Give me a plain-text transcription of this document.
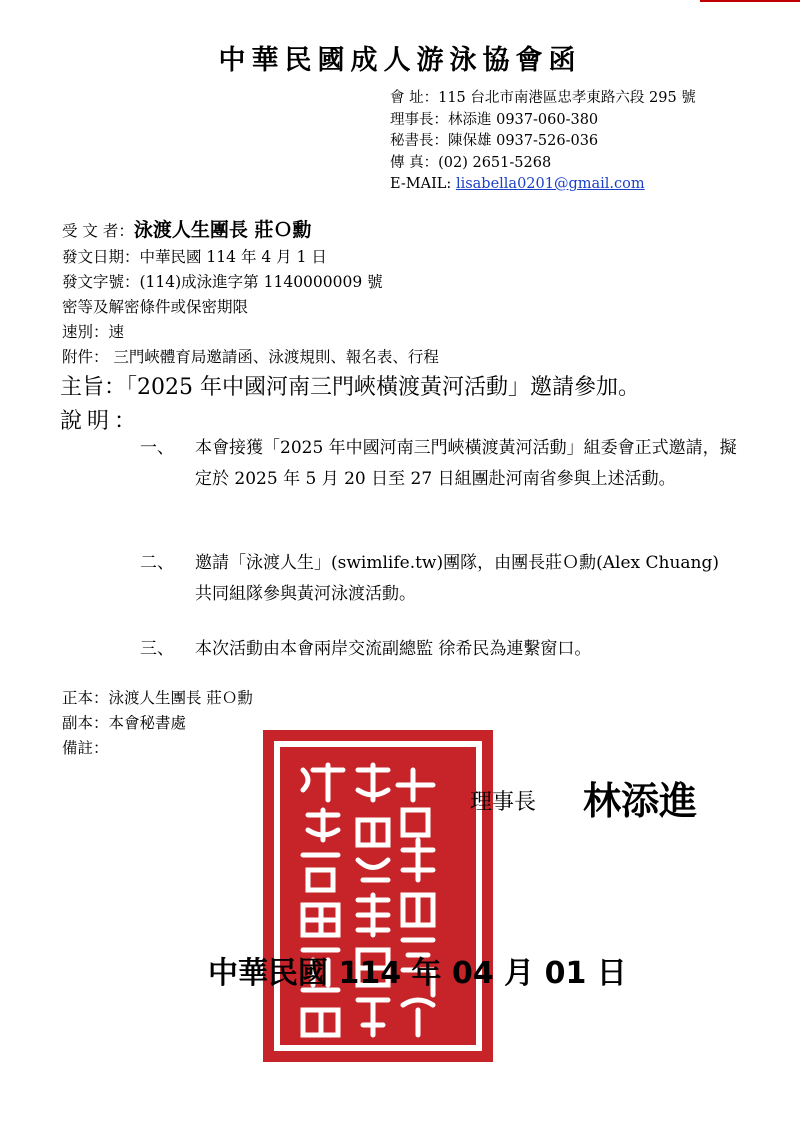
中華民國成人游泳協會函
會 址：115 台北市南港區忠孝東路六段 295 號
理事長：林添進 0937-060-380
秘書長：陳保雄 0937-526-036
傳 真：(02) 2651-5268
E-MAIL: lisabella0201@gmail.com
受 文 者：泳渡人生團長 莊Ｏ勳
發文日期：中華民國 114 年 4 月 1 日
發文字號：(114)成泳進字第 1140000009 號
密等及解密條件或保密期限
速別：速
附件： 三門峽體育局邀請函、泳渡規則、報名表、行程
主旨：「2025 年中國河南三門峽橫渡黃河活動」邀請參加。
說明：
一、 本會接獲「2025 年中國河南三門峽橫渡黃河活動」組委會正式邀請，擬定於 2025 年 5 月 20 日至 27 日組團赴河南省參與上述活動。
二、 邀請「泳渡人生」(swimlife.tw)團隊，由團長莊Ｏ勳(Alex Chuang) 共同組隊參與黃河泳渡活動。
三、 本次活動由本會兩岸交流副總監 徐希民為連繫窗口。
正本：泳渡人生團長 莊Ｏ勳
副本：本會秘書處
備註：
理事長 林添進
中華民國 114 年 04 月 01 日
